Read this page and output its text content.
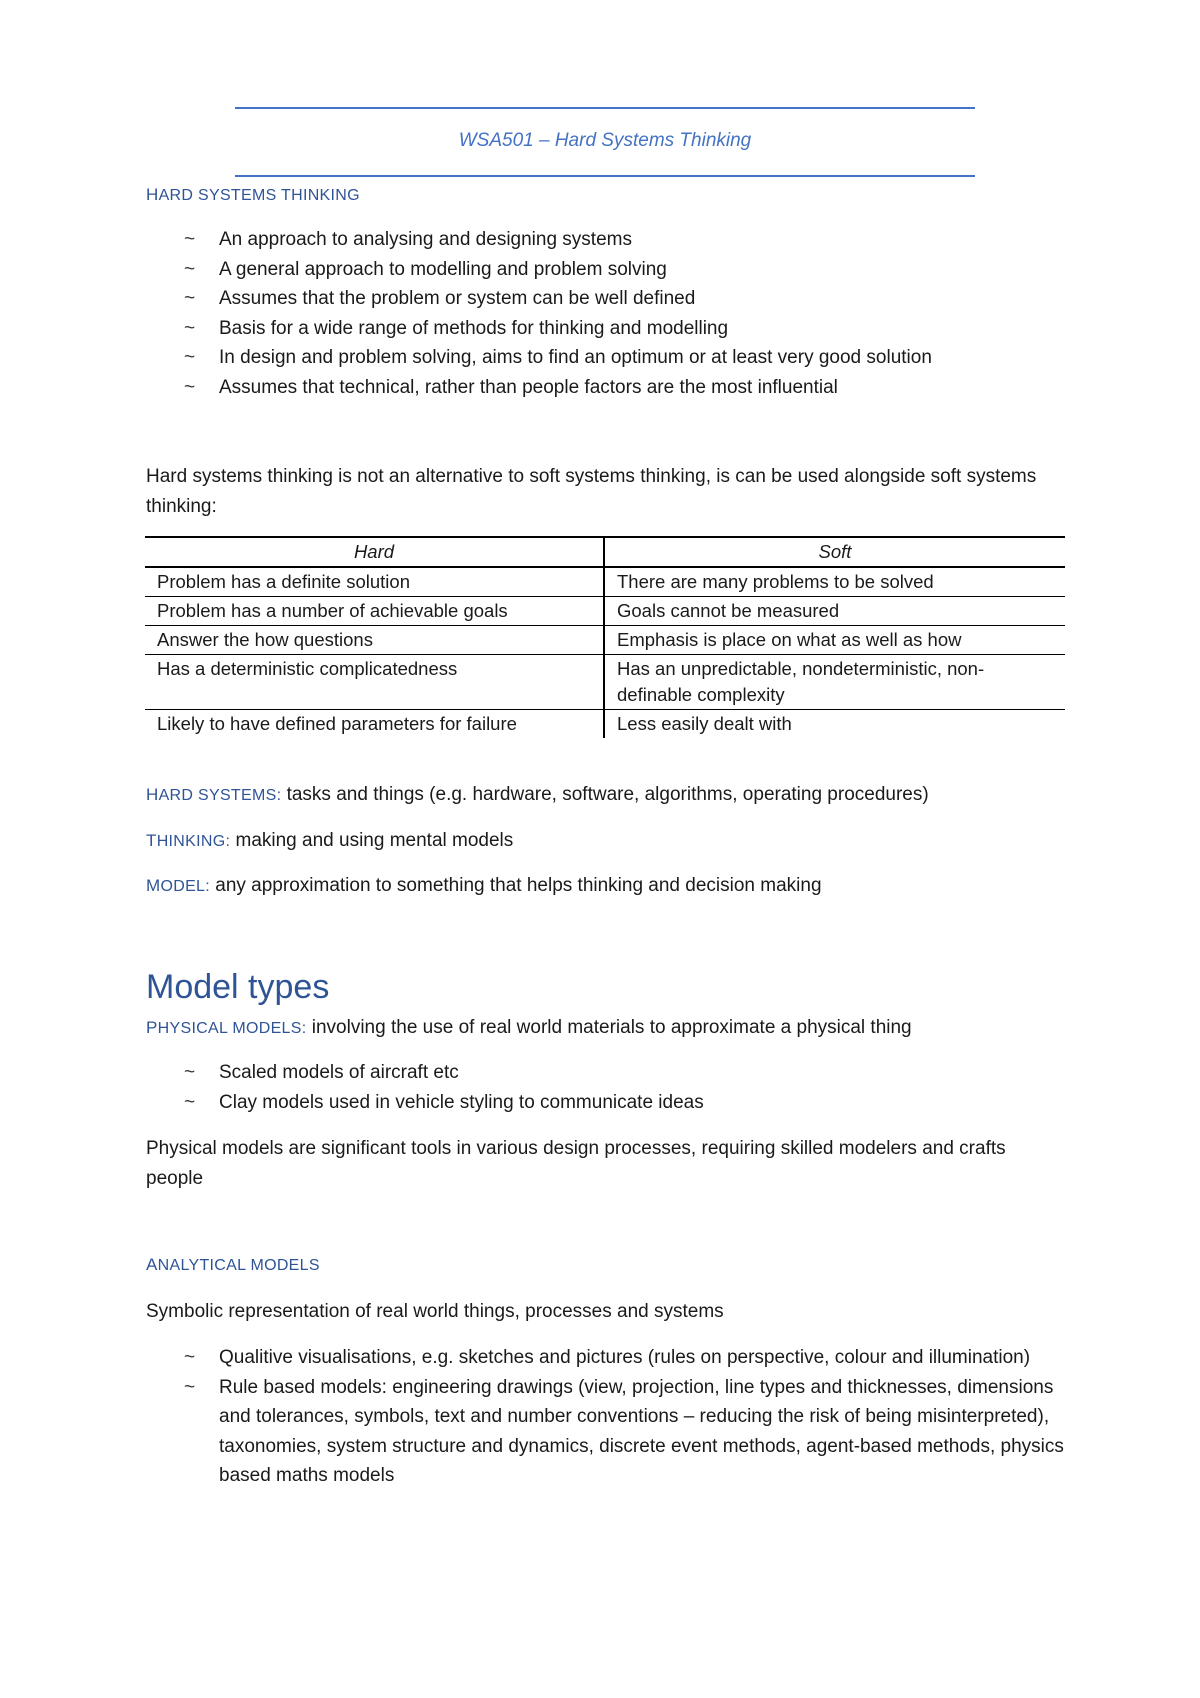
WSA501 – Hard Systems Thinking
HARD SYSTEMS THINKING
~ An approach to analysing and designing systems
~ A general approach to modelling and problem solving
~ Assumes that the problem or system can be well defined
~ Basis for a wide range of methods for thinking and modelling
~ In design and problem solving, aims to find an optimum or at least very good solution
~ Assumes that technical, rather than people factors are the most influential
Hard systems thinking is not an alternative to soft systems thinking, is can be used alongside soft systems thinking:
Hard	Soft
Problem has a definite solution	There are many problems to be solved
Problem has a number of achievable goals	Goals cannot be measured
Answer the how questions	Emphasis is place on what as well as how
Has a deterministic complicatedness	Has an unpredictable, nondeterministic, non-definable complexity
Likely to have defined parameters for failure	Less easily dealt with
HARD SYSTEMS: tasks and things (e.g. hardware, software, algorithms, operating procedures)
THINKING: making and using mental models
MODEL: any approximation to something that helps thinking and decision making
Model types
PHYSICAL MODELS: involving the use of real world materials to approximate a physical thing
~ Scaled models of aircraft etc
~ Clay models used in vehicle styling to communicate ideas
Physical models are significant tools in various design processes, requiring skilled modelers and crafts people
ANALYTICAL MODELS
Symbolic representation of real world things, processes and systems
~ Qualitive visualisations, e.g. sketches and pictures (rules on perspective, colour and illumination)
~ Rule based models: engineering drawings (view, projection, line types and thicknesses, dimensions and tolerances, symbols, text and number conventions – reducing the risk of being misinterpreted), taxonomies, system structure and dynamics, discrete event methods, agent-based methods, physics based maths models
